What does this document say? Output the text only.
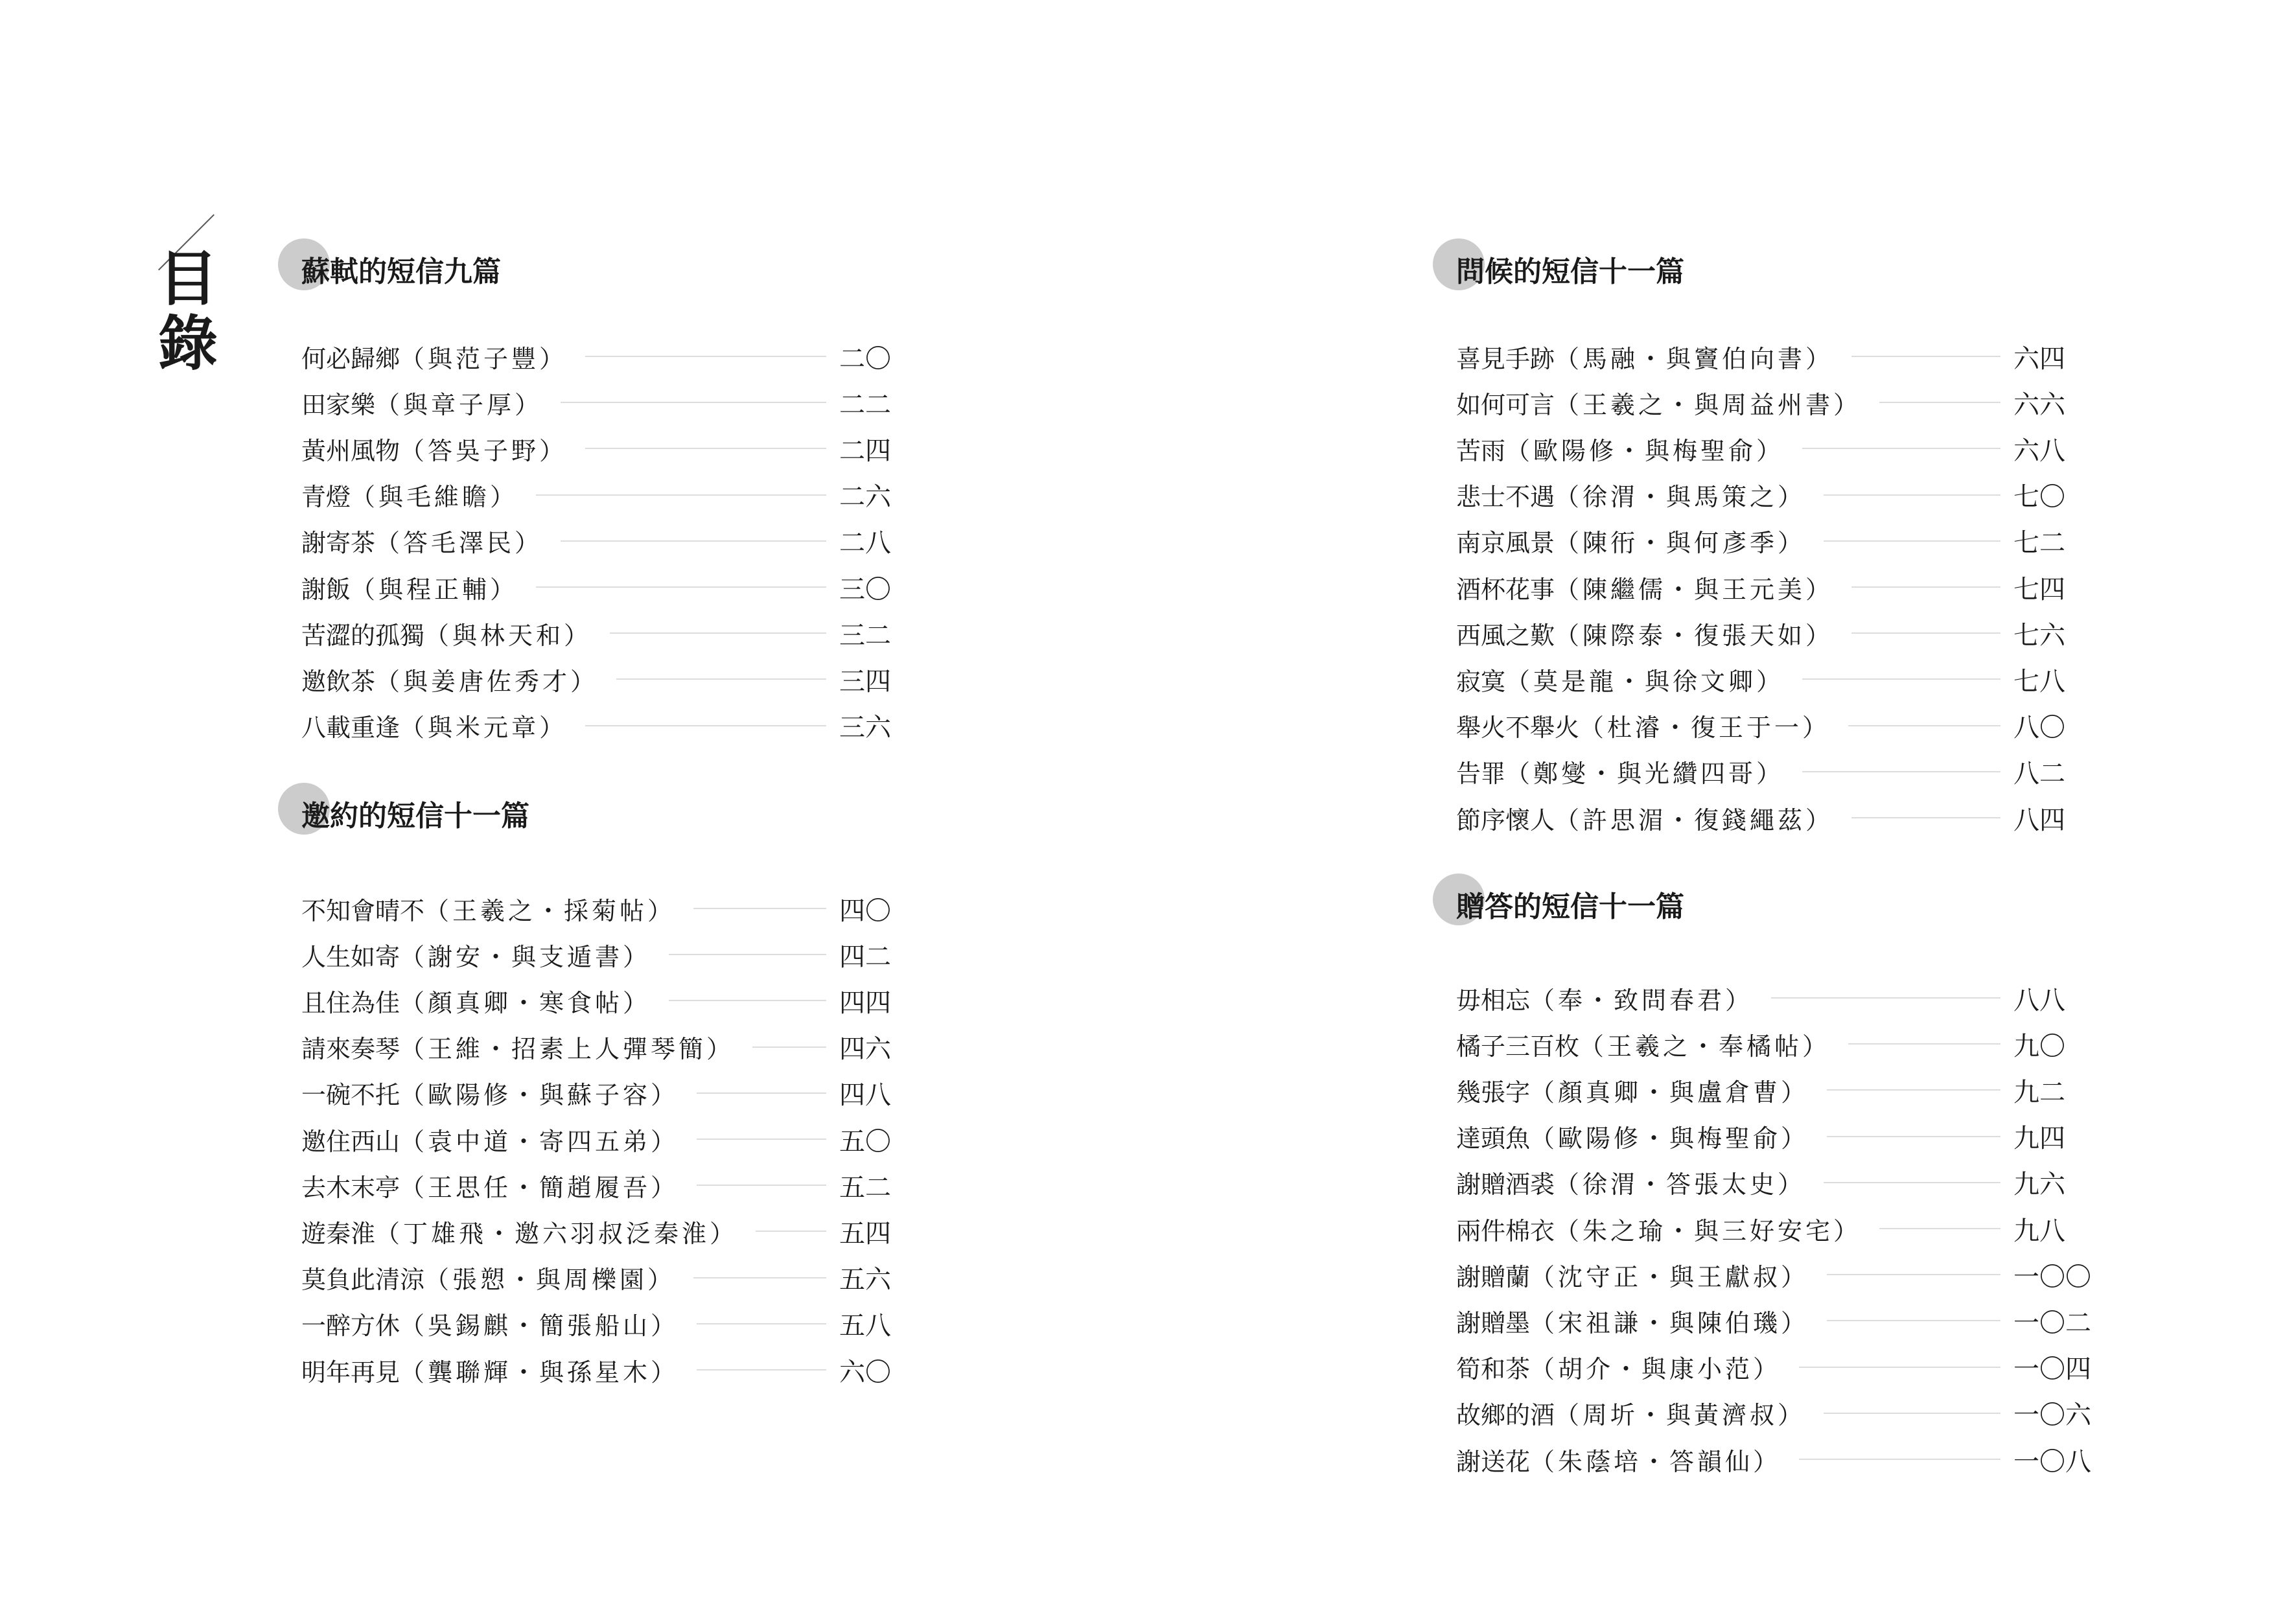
目錄
蘇軾的短信九篇
何必歸鄉（與范子豐）	二〇
田家樂（與章子厚）	二二
黃州風物（答吳子野）	二四
青燈（與毛維瞻）	二六
謝寄茶（答毛澤民）	二八
謝飯（與程正輔）	三〇
苦澀的孤獨（與林天和）	三二
邀飲茶（與姜唐佐秀才）	三四
八載重逢（與米元章）	三六
邀約的短信十一篇
不知會晴不（王羲之・採菊帖）	四〇
人生如寄（謝安・與支遁書）	四二
且住為佳（顏真卿・寒食帖）	四四
請來奏琴（王維・招素上人彈琴簡）	四六
一碗不托（歐陽修・與蘇子容）	四八
邀住西山（袁中道・寄四五弟）	五〇
去木末亭（王思任・簡趙履吾）	五二
遊秦淮（丁雄飛・邀六羽叔泛秦淮）	五四
莫負此清涼（張愬・與周櫟園）	五六
一醉方休（吳錫麒・簡張船山）	五八
明年再見（龔聯輝・與孫星木）	六〇
問候的短信十一篇
喜見手跡（馬融・與竇伯向書）	六四
如何可言（王羲之・與周益州書）	六六
苦雨（歐陽修・與梅聖俞）	六八
悲士不遇（徐渭・與馬策之）	七〇
南京風景（陳衎・與何彥季）	七二
酒杯花事（陳繼儒・與王元美）	七四
西風之歎（陳際泰・復張天如）	七六
寂寞（莫是龍・與徐文卿）	七八
舉火不舉火（杜濬・復王于一）	八〇
告罪（鄭燮・與光纘四哥）	八二
節序懷人（許思湄・復錢繩茲）	八四
贈答的短信十一篇
毋相忘（奉・致問春君）	八八
橘子三百枚（王羲之・奉橘帖）	九〇
幾張字（顏真卿・與盧倉曹）	九二
達頭魚（歐陽修・與梅聖俞）	九四
謝贈酒裘（徐渭・答張太史）	九六
兩件棉衣（朱之瑜・與三好安宅）	九八
謝贈蘭（沈守正・與王獻叔）	一〇〇
謝贈墨（宋祖謙・與陳伯璣）	一〇二
筍和茶（胡介・與康小范）	一〇四
故鄉的酒（周圻・與黃濟叔）	一〇六
謝送花（朱蔭培・答韻仙）	一〇八
